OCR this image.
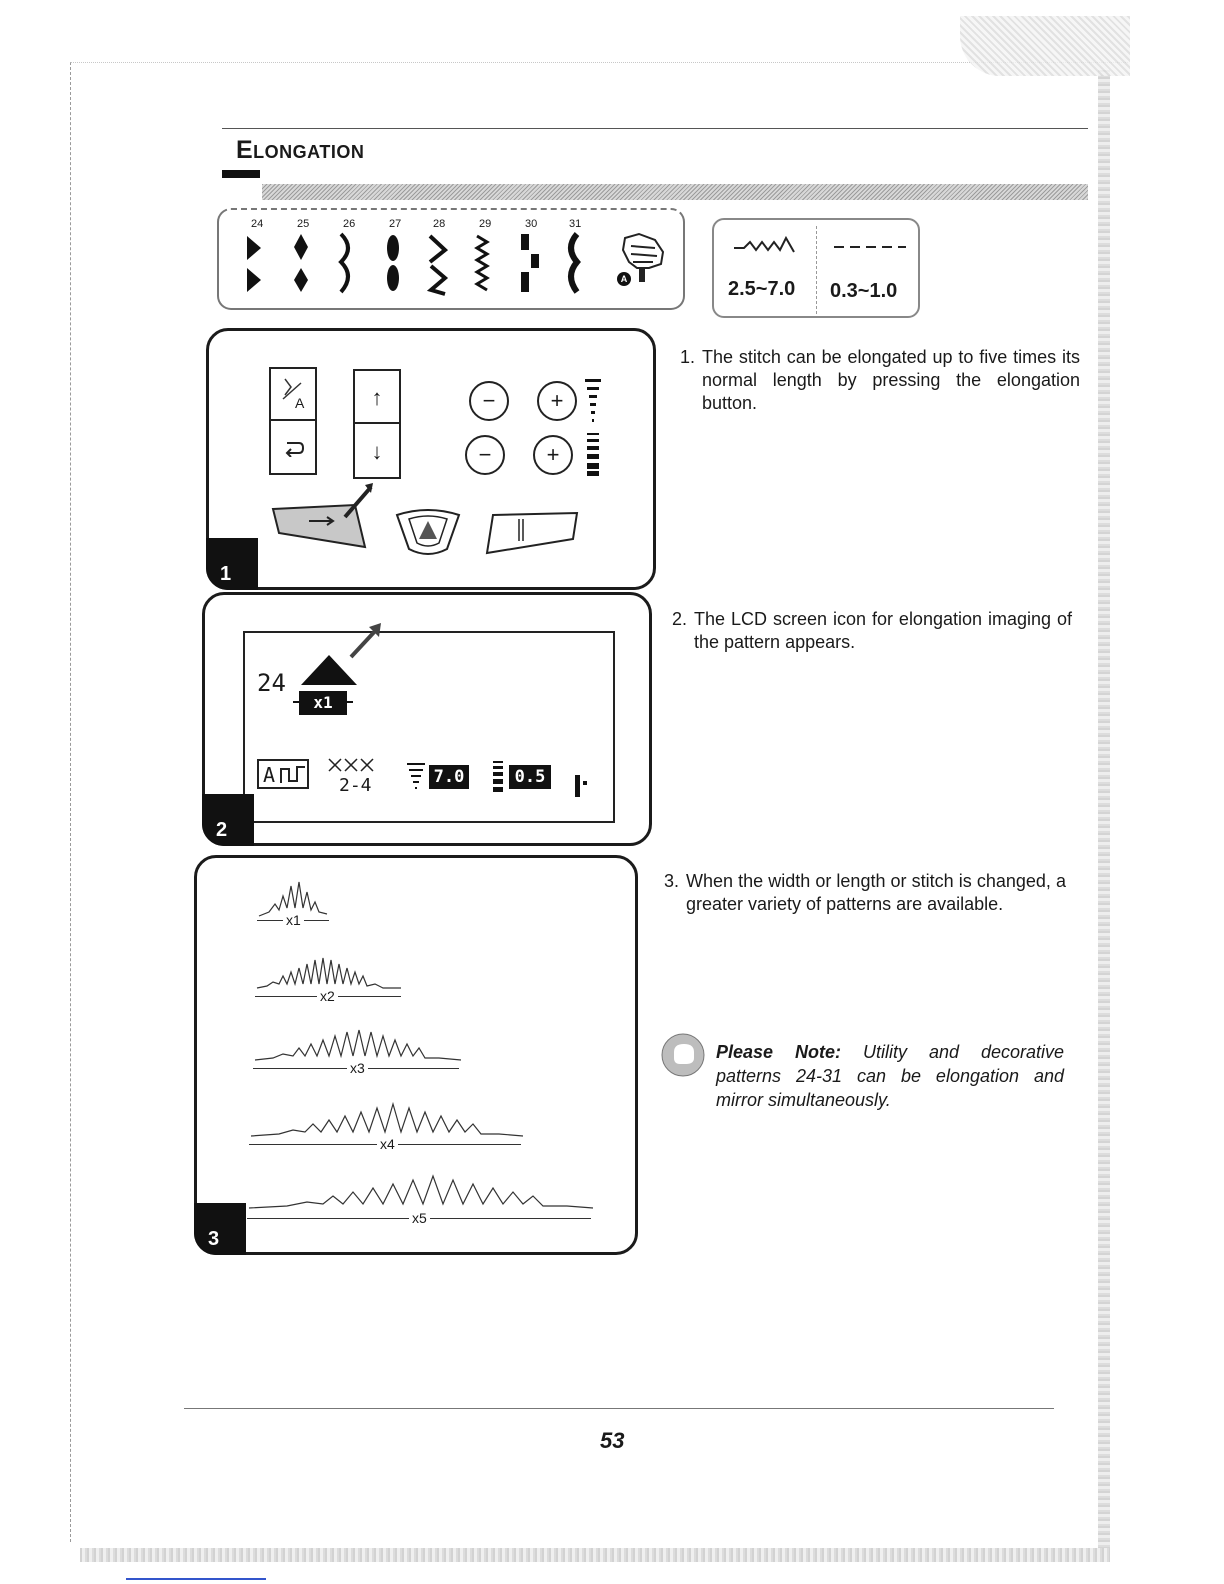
Elongation
24	25	26	27	28	29	30	31
A	2.5~7.0 0.3~1.0
A	↑
↓
−	+
−	+
1
24
x1
A	2-4	7.0	0.5
2
x1
x2
x3
x4
x5
3
1. The stitch can be elongated up to five times its normal length by pressing the elongation button.
2. The LCD screen icon for elongation imaging of the pattern appears.
3. When the width or length or stitch is changed, a greater variety of patterns are available.
Please Note: Utility and decorative patterns 24-31 can be elongation and mirror simultaneously.
53
